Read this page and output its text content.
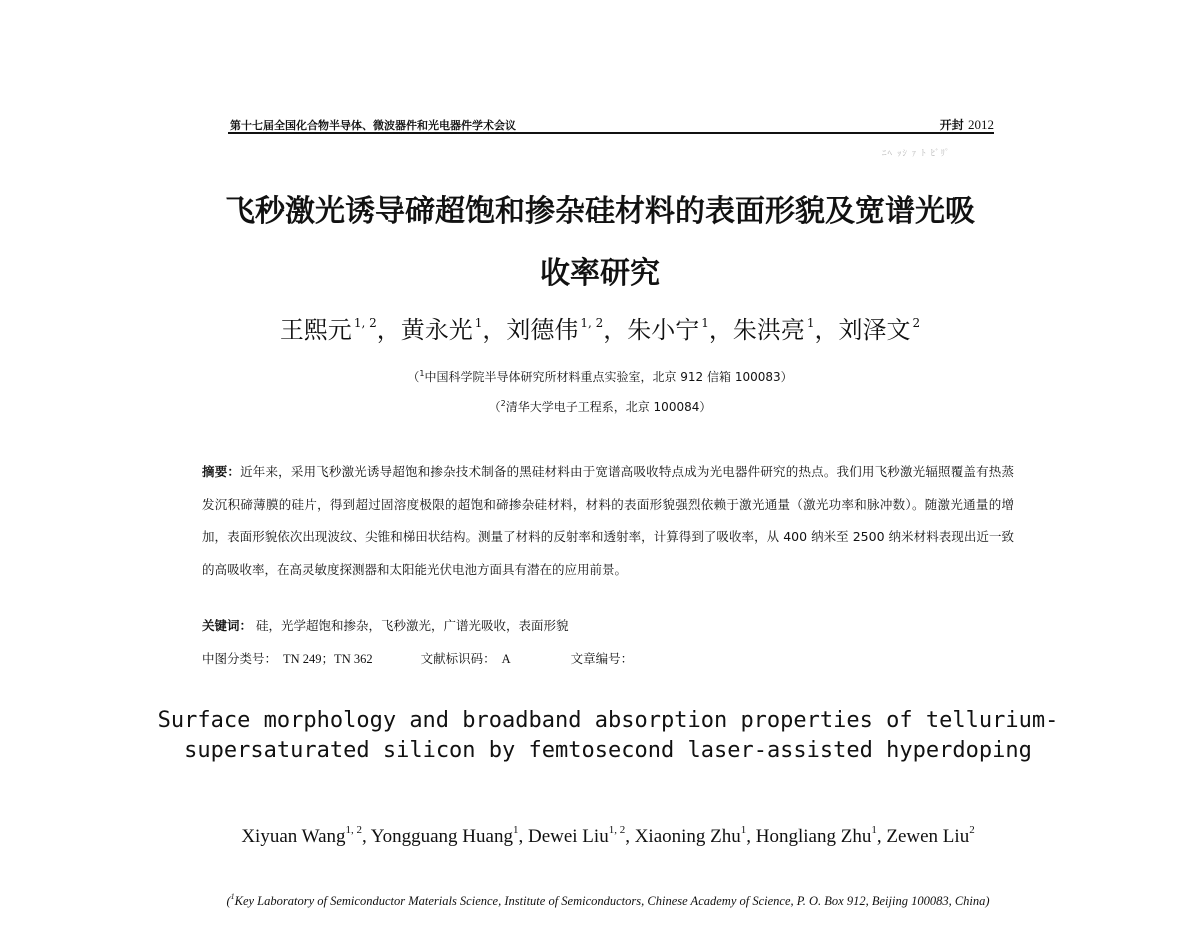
第十七届全国化合物半导体、微波器件和光电器件学术会议	开封 2012
ﾆﾍ ｯｼ ｧ ﾄ ﾋﾞﾘﾟ
飞秒激光诱导碲超饱和掺杂硅材料的表面形貌及宽谱光吸
收率研究
王熙元 $^{1, 2}$，黄永光 $^1$，刘德伟 $^{1, 2}$，朱小宁 $^1$，朱洪亮 $^1$，刘泽文 $^2$
（$^1$中国科学院半导体研究所材料重点实验室，北京 912 信箱 100083）
（$^2$清华大学电子工程系，北京 100084）
摘要：近年来，采用飞秒激光诱导超饱和掺杂技术制备的黑硅材料由于宽谱高吸收特点成为光电器件研究的热点。我们用飞秒激光辐照覆盖有热蒸发沉积碲薄膜的硅片，得到超过固溶度极限的超饱和碲掺杂硅材料，材料的表面形貌强烈依赖于激光通量（激光功率和脉冲数）。随激光通量的增加，表面形貌依次出现波纹、尖锥和梯田状结构。测量了材料的反射率和透射率，计算得到了吸收率，从 400 纳米至 2500 纳米材料表现出近一致的高吸收率，在高灵敏度探测器和太阳能光伏电池方面具有潜在的应用前景。
关键词： 硅，光学超饱和掺杂，飞秒激光，广谱光吸收，表面形貌
中图分类号： TN 249；TN 362	文献标识码： A	文章编号：
Surface morphology and broadband absorption properties of tellurium-supersaturated silicon by femtosecond laser-assisted hyperdoping
Xiyuan Wang$^{1, 2}$, Yongguang Huang$^1$, Dewei Liu$^{1, 2}$, Xiaoning Zhu$^1$, Hongliang Zhu$^1$, Zewen Liu$^2$
($^1$Key Laboratory of Semiconductor Materials Science, Institute of Semiconductors, Chinese Academy of Science, P. O. Box 912, Beijing 100083, China)
